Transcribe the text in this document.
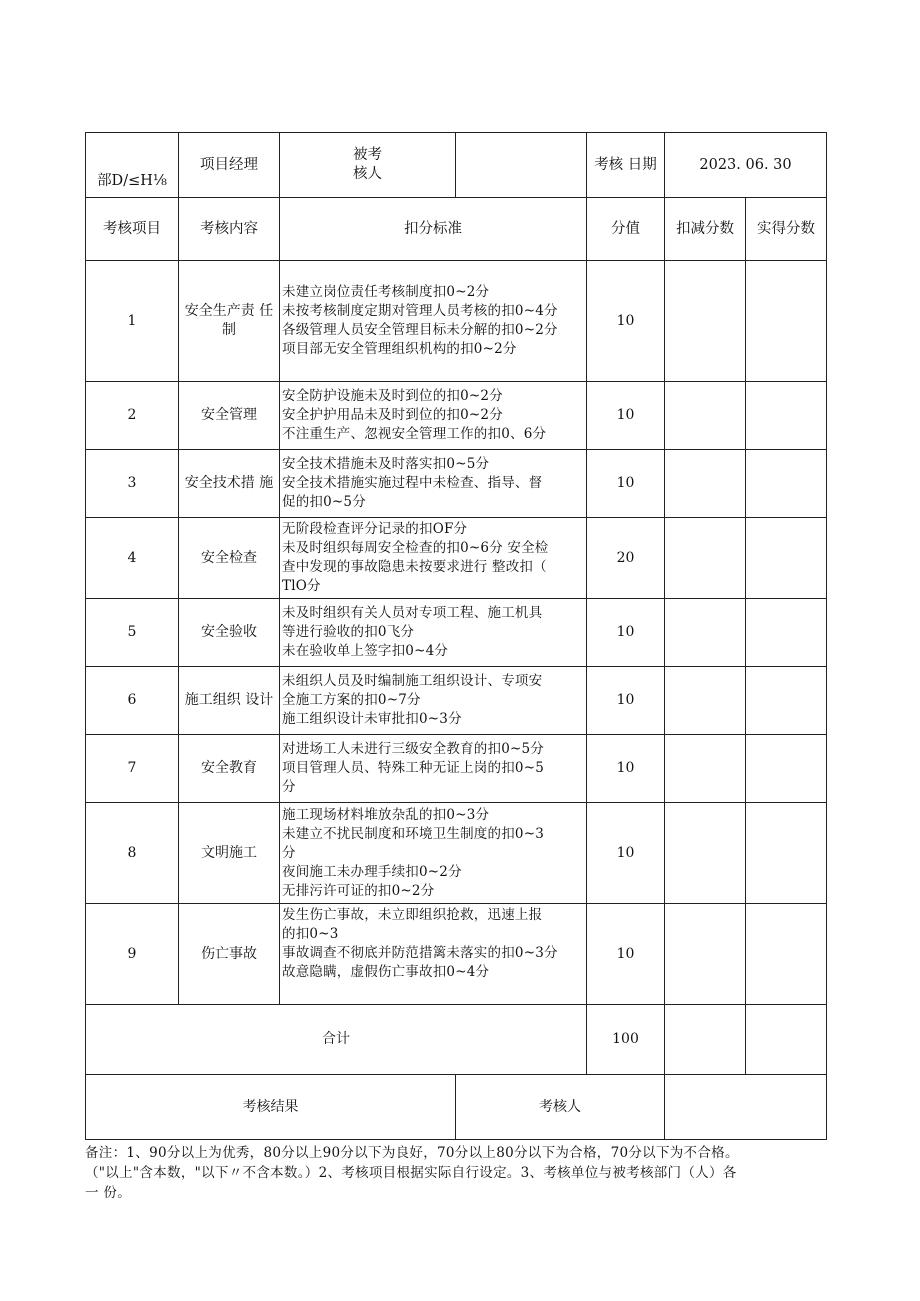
部D/≤H⅛	项目经理	被考
核人		考核 日期	2023. 06. 30	
考核项目	考核内容	扣分标准		分值	扣减分数	实得分数
1	安全生产责 任制	未建立岗位责任考核制度扣0~2分
未按考核制度定期对管理人员考核的扣0~4分
各级管理人员安全管理目标未分解的扣0~2分
项目部无安全管理组织机构的扣0~2分		10		
2	安全管理	安全防护设施未及时到位的扣0~2分
安全护护用品未及时到位的扣0~2分
不注重生产、忽视安全管理工作的扣0、6分		10		
3	安全技术措 施	安全技术措施未及时落实扣0~5分
安全技术措施实施过程中未检查、指导、督
促的扣0~5分		10		
4	安全检查	无阶段检查评分记录的扣OF分
未及时组织每周安全检查的扣0~6分 安全检
查中发现的事故隐患未按要求进行 整改扣（
TlO分		20		
5	安全验收	未及时组织有关人员对专项工程、施工机具
等进行验收的扣0飞分
未在验收单上签字扣0~4分		10		
6	施工组织 设计	未组织人员及时编制施工组织设计、专项安
全施工方案的扣0~7分
施工组织设计未审批扣0~3分		10		
7	安全教育	对进场工人未进行三级安全教育的扣0~5分
项目管理人员、特殊工种无证上岗的扣0~5
分		10		
8	文明施工	施工现场材料堆放杂乱的扣0~3分
未建立不扰民制度和环境卫生制度的扣0~3
分
夜间施工未办理手续扣0~2分
无排污许可证的扣0~2分		10		
9	伤亡事故	发生伤亡事故，未立即组织抢救，迅速上报
的扣0~3
事故调查不彻底并防范措篱未落实的扣0~3分
故意隐瞒，虚假伤亡事故扣0~4分		10		
合计				100		
考核结果			考核人			
备注：1、90分以上为优秀，80分以上90分以下为良好，70分以上80分以下为合格，70分以下为不合格。
（"以上"含本数，"以下〃不含本数。）2、考核项目根据实际自行设定。3、考核单位与被考核部门（人）各
一 份。
